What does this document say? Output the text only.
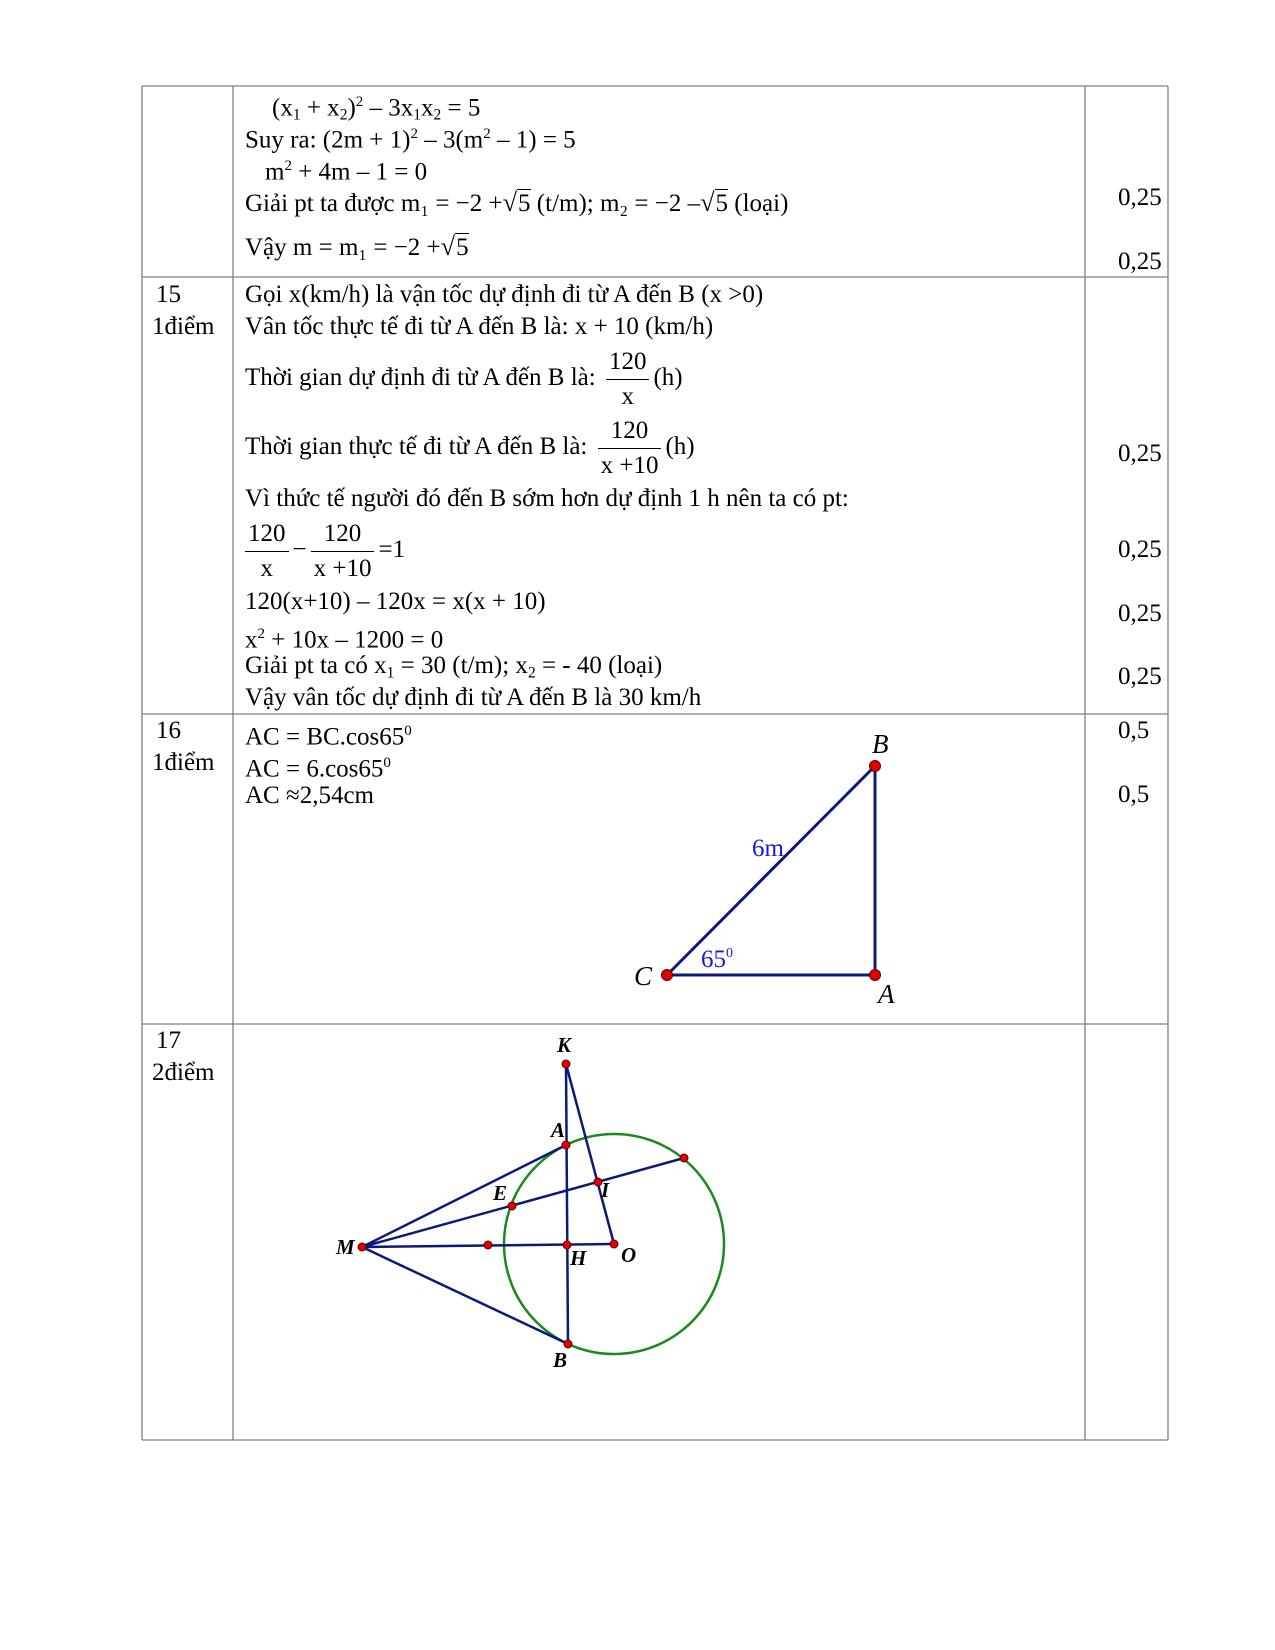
$(x_1 + x_2)^2 - 3x_1x_2 = 5$
Suy ra: $(2m + 1)^2 - 3(m^2 - 1) = 5$
$m^2 + 4m - 1 = 0$
Giải pt ta được m₁ = −2 +√5 (t/m); m₂ = −2 –√5 (loại)
Vậy m = m₁ = −2 +√5
0,25
0,25
15
1điểm
Gọi x(km/h) là vận tốc dự định đi từ A đến B (x >0)
Vân tốc thực tế đi từ A đến B là: x + 10 (km/h)
Thời gian dự định đi từ A đến B là: $\frac{120}{x} (h)$
Thời gian thực tế đi từ A đến B là: $\frac{120}{x +10} (h)$
Vì thức tế người đó đến B sớm hơn dự định 1 h nên ta có pt:
$\frac{120}{x} - \frac{120}{x +10} =1$
120(x+10) – 120x = x(x + 10)
$x^2 + 10x - 1200 = 0$
Giải pt ta có $x_1 = 30$ (t/m); $x_2$ = - 40 (loại)
Vậy vân tốc dự định đi từ A đến B là 30 km/h
0,25
0,25
0,25
0,25
16
1điểm
AC = $BC.\cos 65^0$
AC = $6.\cos 65^0$
AC ≈2,54cm
0,5
0,5
B
C
A
6m
$65^0$
17
2điểm
K
A
E	I
M	H O
B
